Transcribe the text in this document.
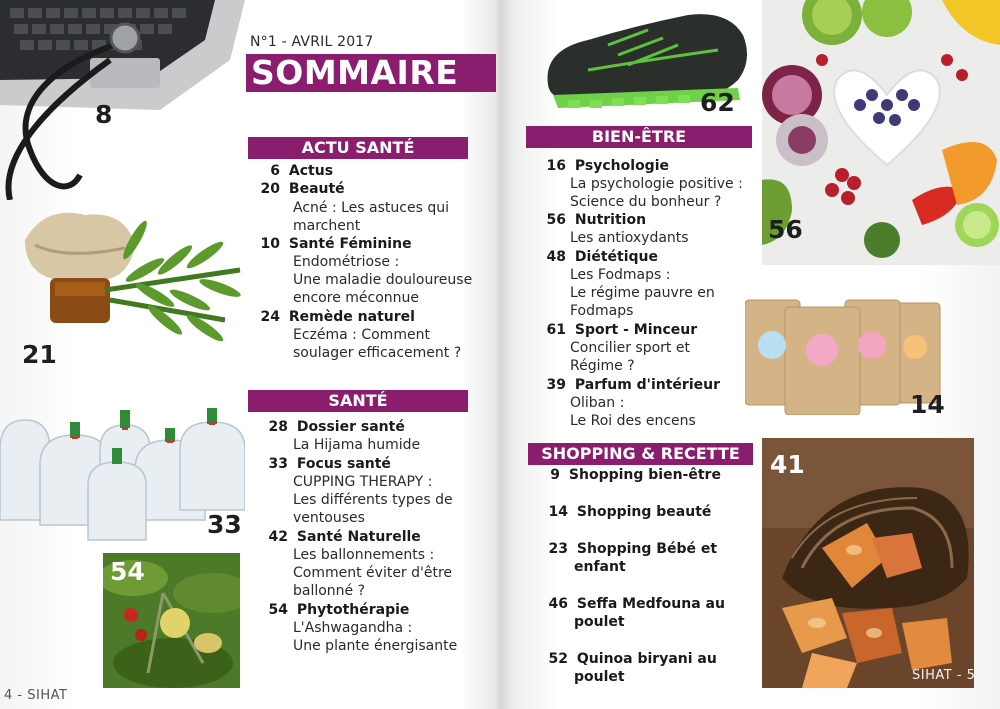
8
21
33
54
N°1 - AVRIL 2017
SOMMAIRE
ACTU SANTÉ
6 Actus
20 Beauté
Acné : Les astuces qui
marchent
10 Santé Féminine
Endométriose :
Une maladie douloureuse
encore méconnue
24 Remède naturel
Eczéma : Comment
soulager efficacement ?
SANTÉ
28 Dossier santé
La Hijama humide
33 Focus santé
CUPPING THERAPY :
Les différents types de
ventouses
42 Santé Naturelle
Les ballonnements :
Comment éviter d'être
ballonné ?
54 Phytothérapie
L'Ashwagandha :
Une plante énergisante
4 - SIHAT
62
56
14
41
BIEN-ÊTRE
16 Psychologie
La psychologie positive :
Science du bonheur ?
56 Nutrition
Les antioxydants
48 Diététique
Les Fodmaps :
Le régime pauvre en
Fodmaps
61 Sport - Minceur
Concilier sport et
Régime ?
39 Parfum d'intérieur
Oliban :
Le Roi des encens
SHOPPING & RECETTE
9 Shopping bien-être
14 Shopping beauté
23 Shopping Bébé et
enfant
46 Seffa Medfouna au
poulet
52 Quinoa biryani au
poulet	SIHAT - 5
